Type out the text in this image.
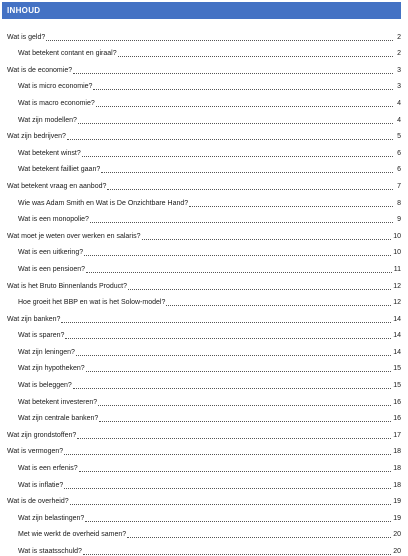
INHOUD
Wat is geld?	2
Wat betekent contant en giraal?	2
Wat is de economie?	3
Wat is micro economie?	3
Wat is macro economie?	4
Wat zijn modellen?	4
Wat zijn bedrijven?	5
Wat betekent winst?	6
Wat betekent failliet gaan?	6
Wat betekent vraag en aanbod?	7
Wie was Adam Smith en Wat is De Onzichtbare Hand?	8
Wat is een monopolie?	9
Wat moet je weten over werken en salaris?	10
Wat is een uitkering?	10
Wat is een pensioen?	11
Wat is het Bruto Binnenlands Product?	12
Hoe groeit het BBP en wat is het Solow-model?	12
Wat zijn banken?	14
Wat is sparen?	14
Wat zijn leningen?	14
Wat zijn hypotheken?	15
Wat is beleggen?	15
Wat betekent investeren?	16
Wat zijn centrale banken?	16
Wat zijn grondstoffen?	17
Wat is vermogen?	18
Wat is een erfenis?	18
Wat is inflatie?	18
Wat is de overheid?	19
Wat zijn belastingen?	19
Met wie werkt de overheid samen?	20
Wat is staatsschuld?	20
